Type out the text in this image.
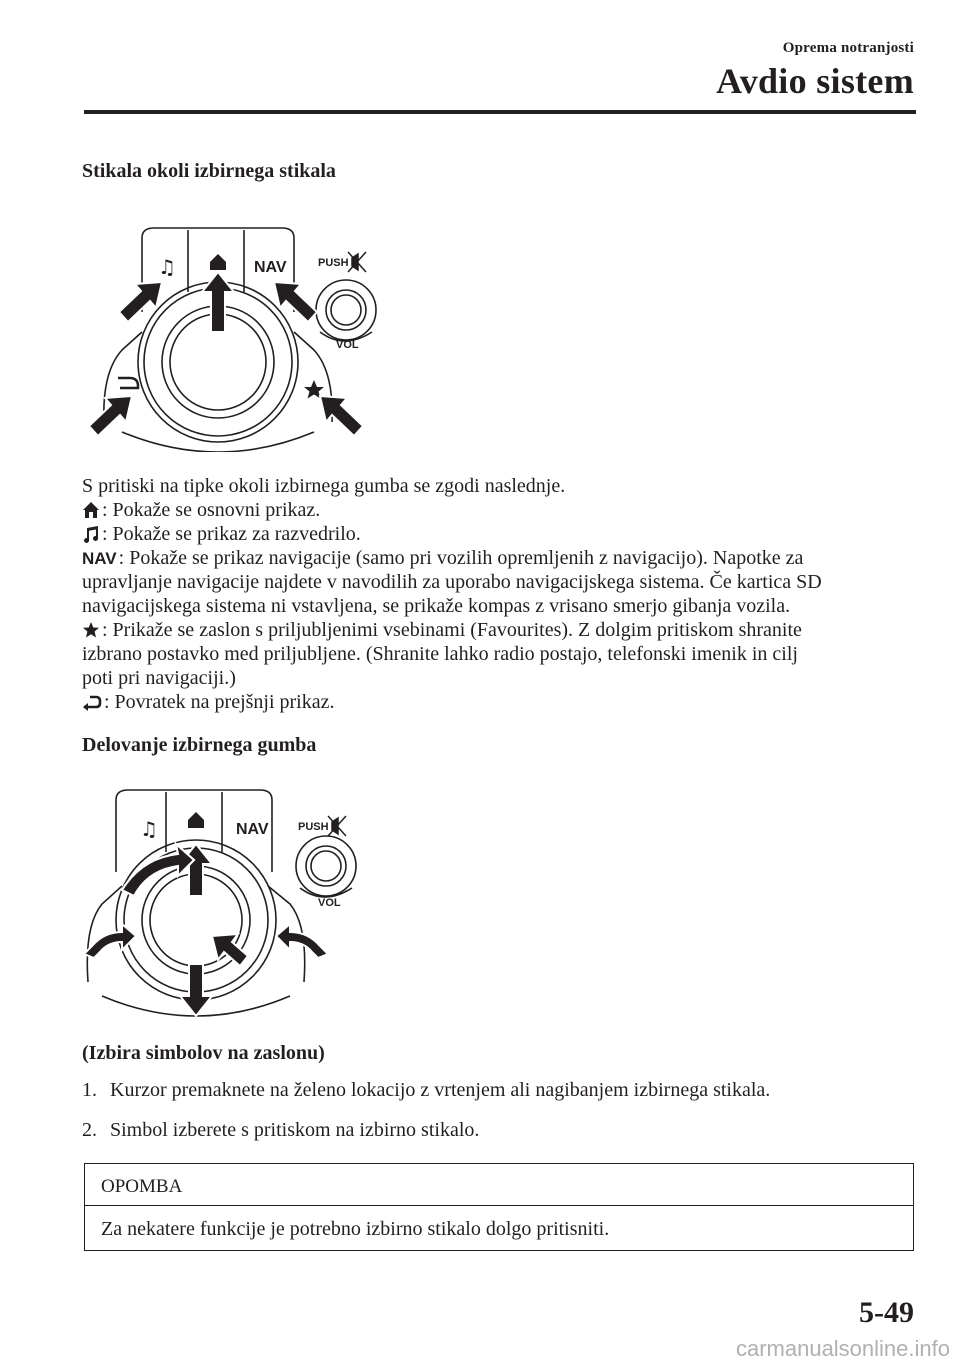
Oprema notranjosti
Avdio sistem
Stikala okoli izbirnega stikala
♫	NAV	PUSH
VOL
S pritiski na tipke okoli izbirnega gumba se zgodi naslednje.
: Pokaže se osnovni prikaz.
: Pokaže se prikaz za razvedrilo.
NAV : Pokaže se prikaz navigacije (samo pri vozilih opremljenih z navigacijo). Napotke za
upravljanje navigacije najdete v navodilih za uporabo navigacijskega sistema. Če kartica SD
navigacijskega sistema ni vstavljena, se prikaže kompas z vrisano smerjo gibanja vozila.
: Prikaže se zaslon s priljubljenimi vsebinami (Favourites). Z dolgim pritiskom shranite
izbrano postavko med priljubljene. (Shranite lahko radio postajo, telefonski imenik in cilj
poti pri navigaciji.)
: Povratek na prejšnji prikaz.
Delovanje izbirnega gumba
♫	NAV	PUSH
VOL
(Izbira simbolov na zaslonu)
1. Kurzor premaknete na želeno lokacijo z vrtenjem ali nagibanjem izbirnega stikala.
2. Simbol izberete s pritiskom na izbirno stikalo.
OPOMBA
Za nekatere funkcije je potrebno izbirno stikalo dolgo pritisniti.
5-49
carmanualsonline.info
